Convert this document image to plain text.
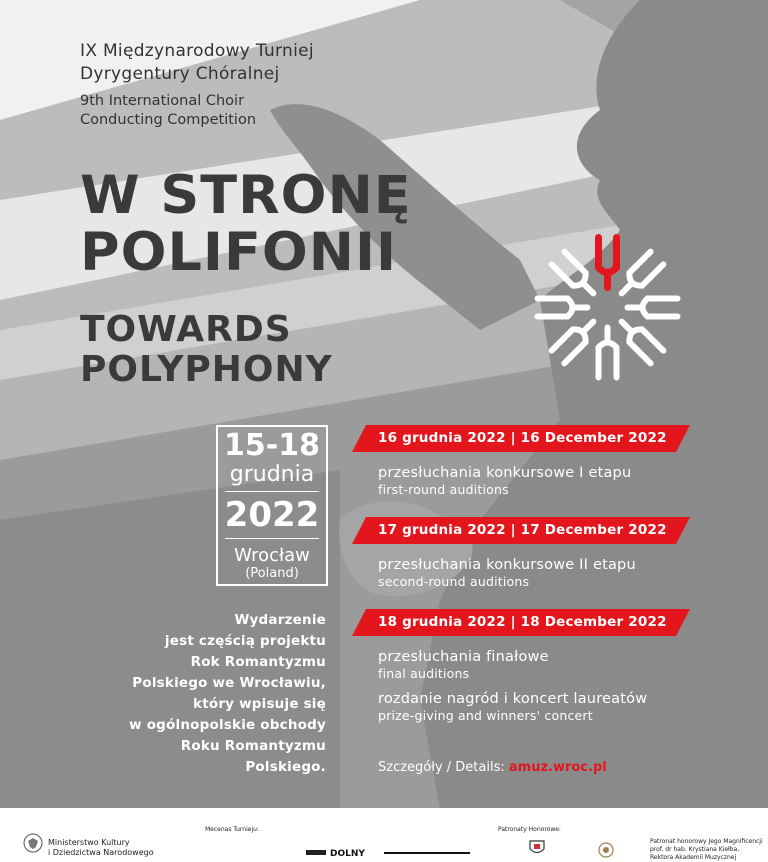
IX Międzynarodowy Turniej
Dyrygentury Chóralnej
9th International Choir
Conducting Competition
W STRONĘ
POLIFONII
TOWARDS
POLYPHONY
15-18
grudnia
2022
Wrocław
(Poland)
16 grudnia 2022 | 16 December 2022
przesłuchania konkursowe I etapu
first-round auditions
17 grudnia 2022 | 17 December 2022
przesłuchania konkursowe II etapu
second-round auditions
18 grudnia 2022 | 18 December 2022
przesłuchania finałowe
final auditions
rozdanie nagród i koncert laureatów
prize-giving and winners' concert
Wydarzenie
jest częścią projektu
Rok Romantyzmu
Polskiego we Wrocławiu,
który wpisuje się
w ogólnopolskie obchody
Roku Romantyzmu
Polskiego.	Szczegóły / Details: amuz.wroc.pl
Ministerstwo Kultury
i Dziedzictwa Narodowego
Mecenas Turnieju:
DOLNY
Patronaty Honorowe:
Patronat honorowy Jego Magnificencji
prof. dr hab. Krystiana Kiełba,
Rektora Akademii Muzycznej
